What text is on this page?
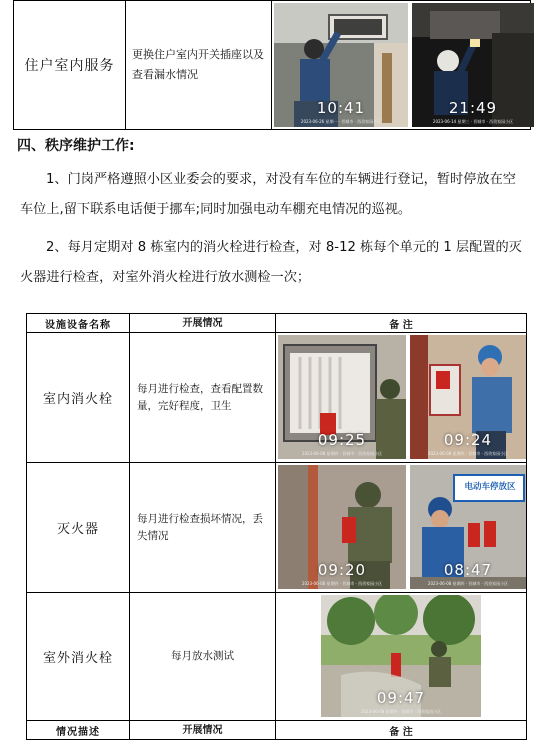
住户室内服务	更换住户室内开关插座以及查看漏水情况	
10:41
2023-06-26 星期一 · 晋城市 · 西贵家园小区
21:49
2023-06-14 星期三 · 晋城市 · 西贵家园小区
四、秩序维护工作:
1、门岗严格遵照小区业委会的要求，对没有车位的车辆进行登记，暂时停放在空车位上,留下联系电话便于挪车;同时加强电动车棚充电情况的巡视。
2、每月定期对 8 栋室内的消火栓进行检查，对 8-12 栋每个单元的 1 层配置的灭火器进行检查，对室外消火栓进行放水测检一次；
设施设备名称	开展情况	备 注
室内消火栓	每月进行检查，查看配置数量，完好程度，卫生	09:25
2023-06-08 星期四 · 晋城市 · 西贵家园小区
09:24
2023-06-08 星期四 · 晋城市 · 西贵家园小区

灭火器	每月进行检查损坏情况，丢失情况	09:20
2023-06-08 星期四 · 晋城市 · 西贵家园小区
电动车停放区
08:47
2023-06-08 星期四 · 晋城市 · 西贵家园小区

室外消火栓	每月放水测试	09:47
2023-06-08 星期四 · 晋城市 · 西贵家园小区

情况描述	开展情况	备 注
